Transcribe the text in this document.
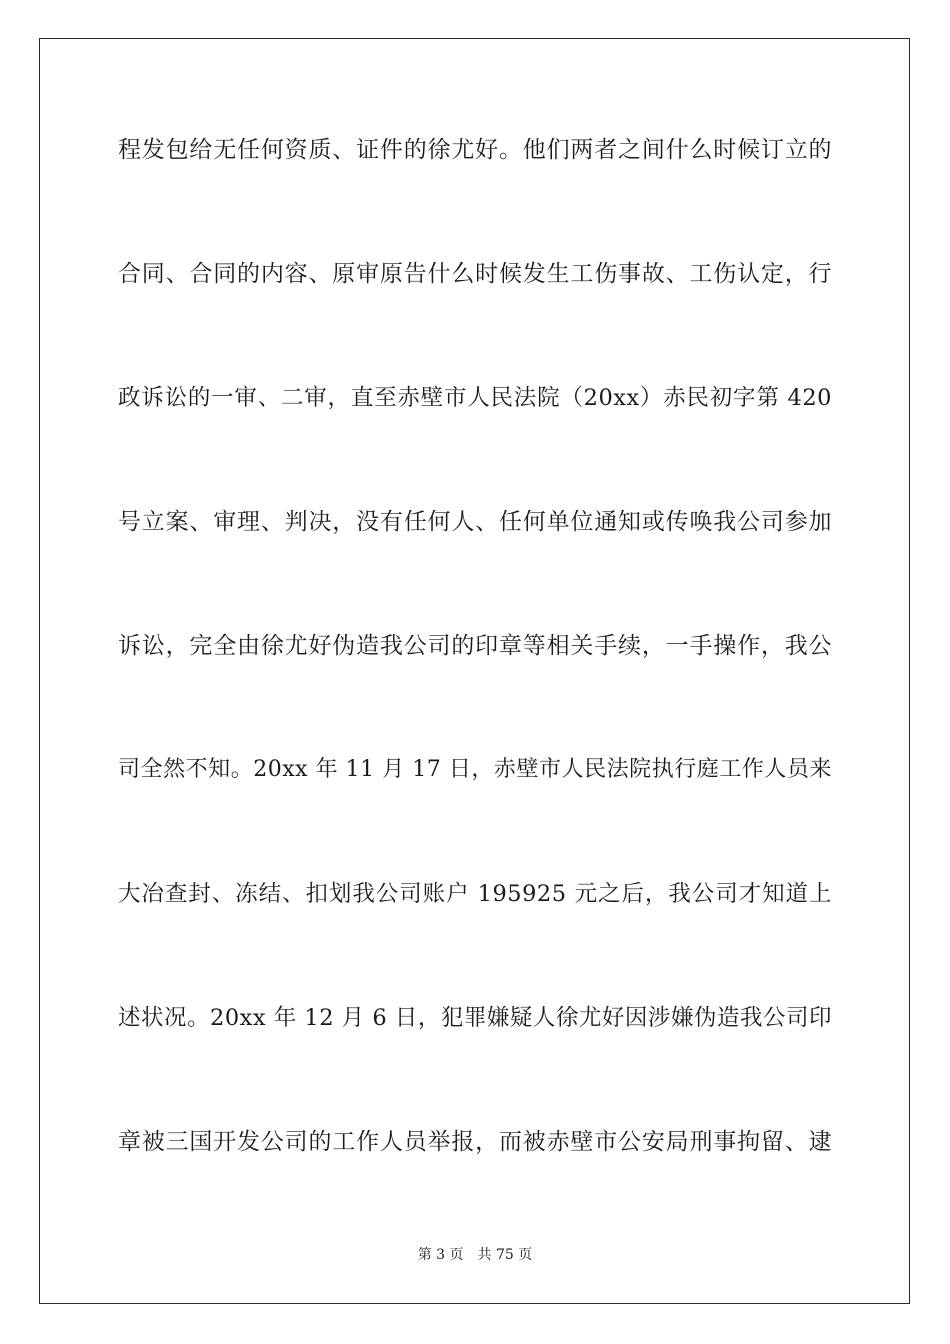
程发包给无任何资质、证件的徐尤好。他们两者之间什么时候订立的
合同、合同的内容、原审原告什么时候发生工伤事故、工伤认定，行
政诉讼的一审、二审，直至赤壁市人民法院（20xx）赤民初字第 420
号立案、审理、判决，没有任何人、任何单位通知或传唤我公司参加
诉讼，完全由徐尤好伪造我公司的印章等相关手续，一手操作，我公
司全然不知。20xx 年 11 月 17 日，赤壁市人民法院执行庭工作人员来
大冶查封、冻结、扣划我公司账户 195925 元之后，我公司才知道上
述状况。20xx 年 12 月 6 日，犯罪嫌疑人徐尤好因涉嫌伪造我公司印
章被三国开发公司的工作人员举报，而被赤壁市公安局刑事拘留、逮
第 3 页 共 75 页
